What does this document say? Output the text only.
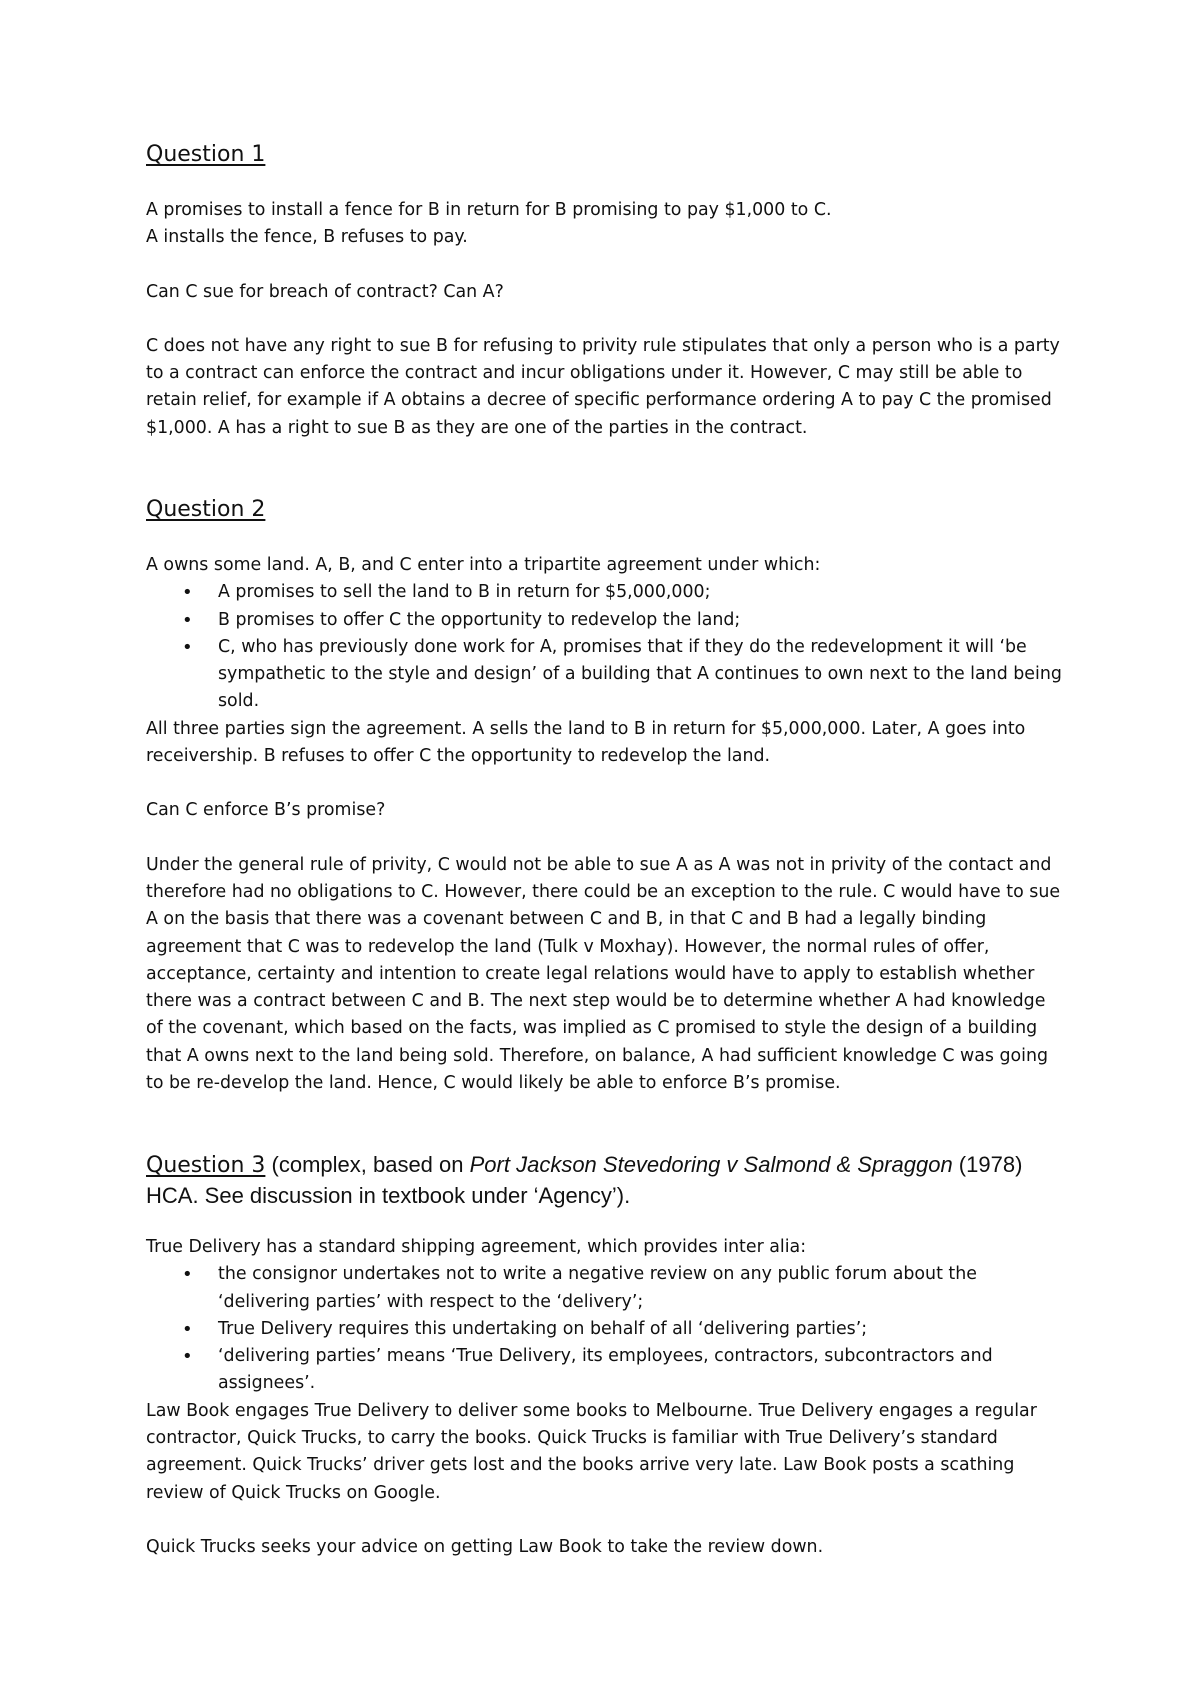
Question 1

A promises to install a fence for B in return for B promising to pay $1,000 to C.

A installs the fence, B refuses to pay.

Can C sue for breach of contract? Can A?

C does not have any right to sue B for refusing to privity rule stipulates that only a person who is a party to a contract can enforce the contract and incur obligations under it. However, C may still be able to retain relief, for example if A obtains a decree of specific performance ordering A to pay C the promised $1,000. A has a right to sue B as they are one of the parties in the contract.

Question 2

A owns some land. A, B, and C enter into a tripartite agreement under which:

• A promises to sell the land to B in return for $5,000,000;
• B promises to offer C the opportunity to redevelop the land;
• C, who has previously done work for A, promises that if they do the redevelopment it will ‘be sympathetic to the style and design’ of a building that A continues to own next to the land being sold.

All three parties sign the agreement. A sells the land to B in return for $5,000,000. Later, A goes into receivership. B refuses to offer C the opportunity to redevelop the land.

Can C enforce B’s promise?

Under the general rule of privity, C would not be able to sue A as A was not in privity of the contact and therefore had no obligations to C. However, there could be an exception to the rule. C would have to sue A on the basis that there was a covenant between C and B, in that C and B had a legally binding agreement that C was to redevelop the land (Tulk v Moxhay). However, the normal rules of offer, acceptance, certainty and intention to create legal relations would have to apply to establish whether there was a contract between C and B. The next step would be to determine whether A had knowledge of the covenant, which based on the facts, was implied as C promised to style the design of a building that A owns next to the land being sold. Therefore, on balance, A had sufficient knowledge C was going to be re-develop the land. Hence, C would likely be able to enforce B’s promise.

Question 3 (complex, based on Port Jackson Stevedoring v Salmond & Spraggon (1978) HCA. See discussion in textbook under ‘Agency’).

True Delivery has a standard shipping agreement, which provides inter alia:

• the consignor undertakes not to write a negative review on any public forum about the ‘delivering parties’ with respect to the ‘delivery’;
• True Delivery requires this undertaking on behalf of all ‘delivering parties’;
• ‘delivering parties’ means ‘True Delivery, its employees, contractors, subcontractors and assignees’.

Law Book engages True Delivery to deliver some books to Melbourne. True Delivery engages a regular contractor, Quick Trucks, to carry the books. Quick Trucks is familiar with True Delivery’s standard agreement. Quick Trucks’ driver gets lost and the books arrive very late. Law Book posts a scathing review of Quick Trucks on Google.

Quick Trucks seeks your advice on getting Law Book to take the review down.
